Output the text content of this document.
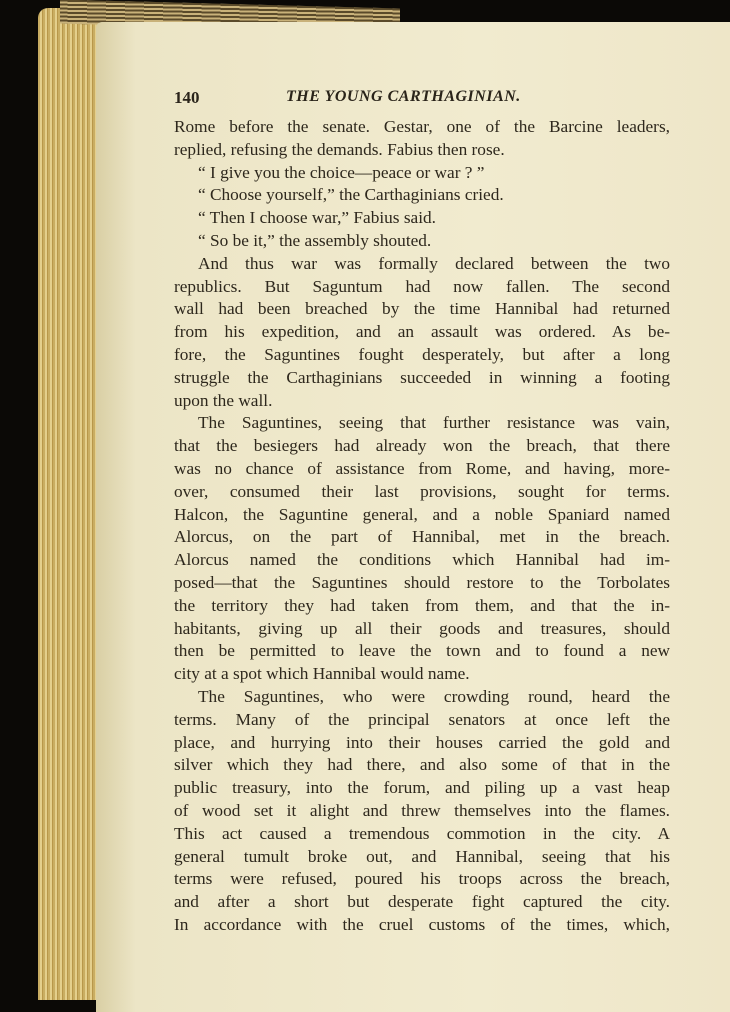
140	THE YOUNG CARTHAGINIAN.
Rome before the senate. Gestar, one of the Barcine leaders,
replied, refusing the demands. Fabius then rose.
“ I give you the choice—peace or war ? ”
“ Choose yourself,” the Carthaginians cried.
“ Then I choose war,” Fabius said.
“ So be it,” the assembly shouted.
And thus war was formally declared between the two
republics. But Saguntum had now fallen. The second
wall had been breached by the time Hannibal had returned
from his expedition, and an assault was ordered. As be-
fore, the Saguntines fought desperately, but after a long
struggle the Carthaginians succeeded in winning a footing
upon the wall.
The Saguntines, seeing that further resistance was vain,
that the besiegers had already won the breach, that there
was no chance of assistance from Rome, and having, more-
over, consumed their last provisions, sought for terms.
Halcon, the Saguntine general, and a noble Spaniard named
Alorcus, on the part of Hannibal, met in the breach.
Alorcus named the conditions which Hannibal had im-
posed—that the Saguntines should restore to the Torbolates
the territory they had taken from them, and that the in-
habitants, giving up all their goods and treasures, should
then be permitted to leave the town and to found a new
city at a spot which Hannibal would name.
The Saguntines, who were crowding round, heard the
terms. Many of the principal senators at once left the
place, and hurrying into their houses carried the gold and
silver which they had there, and also some of that in the
public treasury, into the forum, and piling up a vast heap
of wood set it alight and threw themselves into the flames.
This act caused a tremendous commotion in the city. A
general tumult broke out, and Hannibal, seeing that his
terms were refused, poured his troops across the breach,
and after a short but desperate fight captured the city.
In accordance with the cruel customs of the times, which,
